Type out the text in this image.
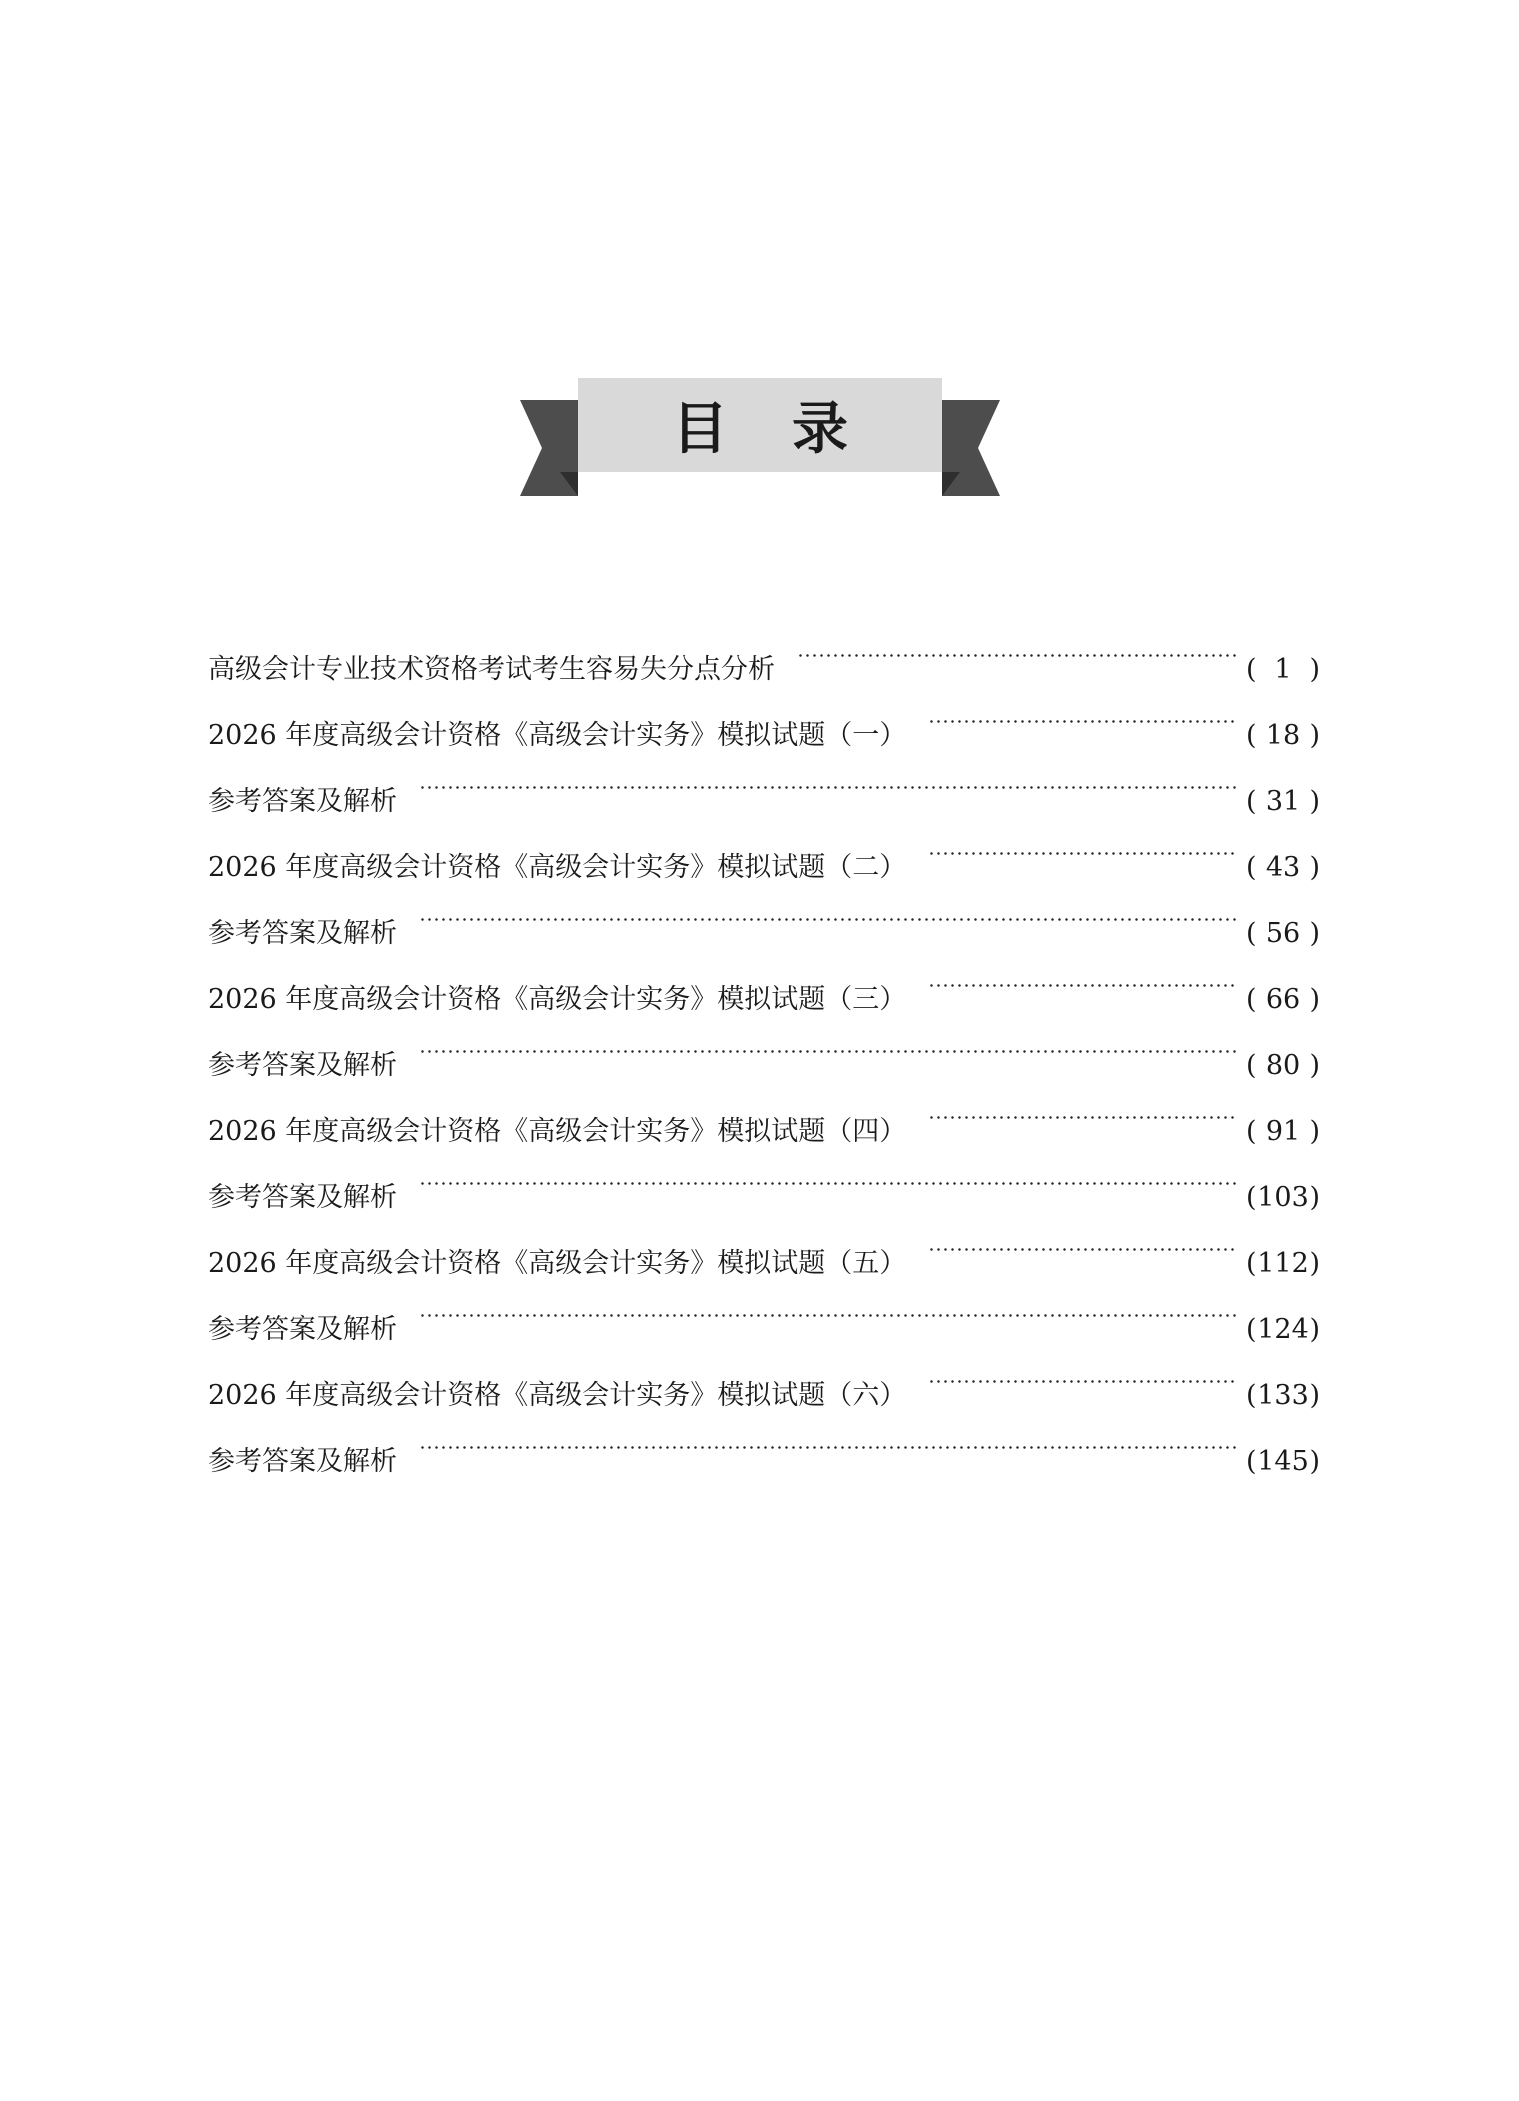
目录
高级会计专业技术资格考试考生容易失分点分析	( 1 )
2026 年度高级会计资格《高级会计实务》模拟试题（一）	( 18 )
参考答案及解析	( 31 )
2026 年度高级会计资格《高级会计实务》模拟试题（二）	( 43 )
参考答案及解析	( 56 )
2026 年度高级会计资格《高级会计实务》模拟试题（三）	( 66 )
参考答案及解析	( 80 )
2026 年度高级会计资格《高级会计实务》模拟试题（四）	( 91 )
参考答案及解析	( 103 )
2026 年度高级会计资格《高级会计实务》模拟试题（五）	( 112 )
参考答案及解析	( 124 )
2026 年度高级会计资格《高级会计实务》模拟试题（六）	( 133 )
参考答案及解析	( 145 )
